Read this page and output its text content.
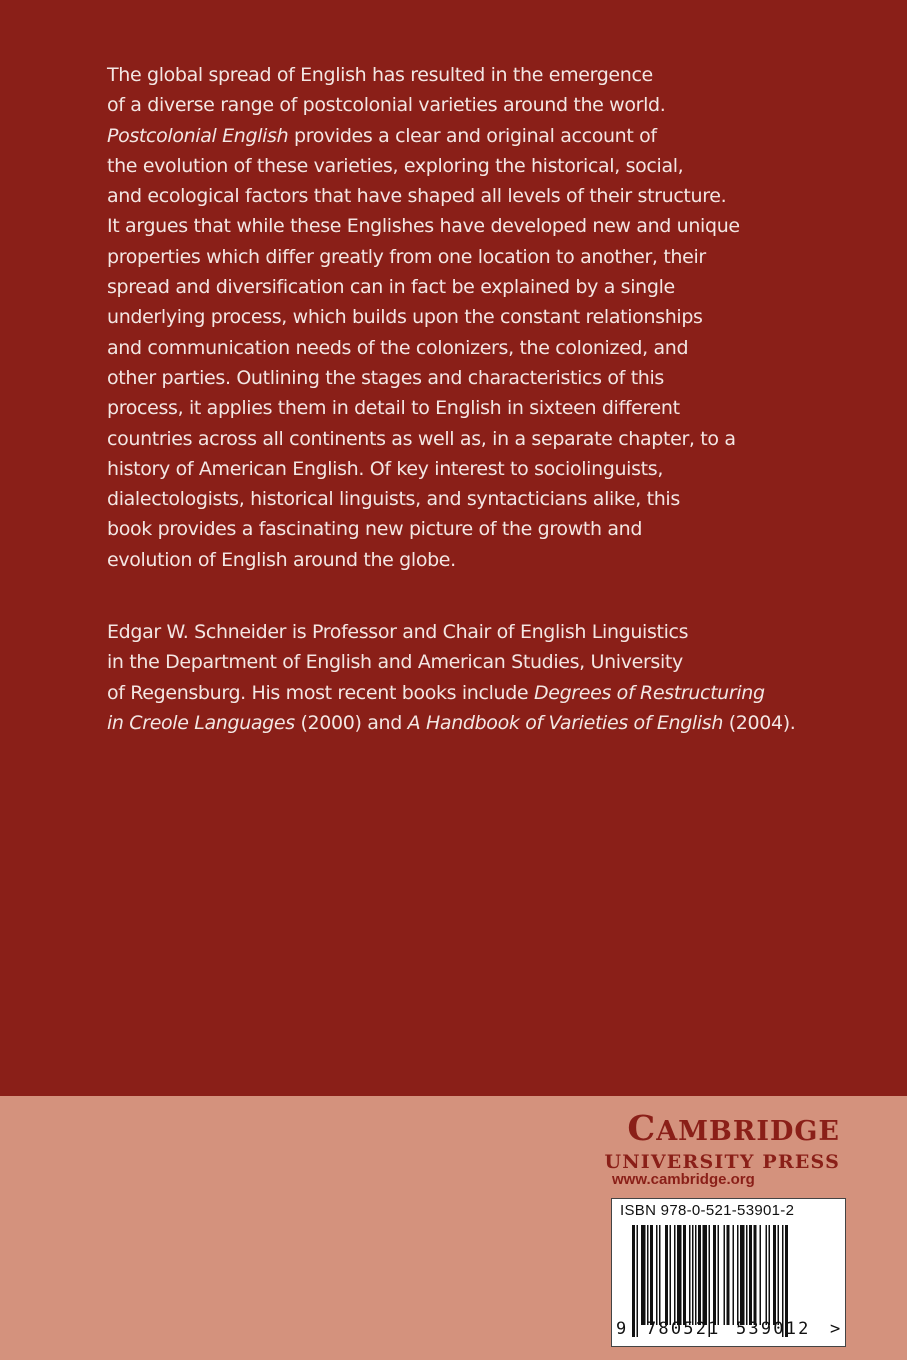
The global spread of English has resulted in the emergence
of a diverse range of postcolonial varieties around the world.
Postcolonial English provides a clear and original account of
the evolution of these varieties, exploring the historical, social,
and ecological factors that have shaped all levels of their structure.
It argues that while these Englishes have developed new and unique
properties which differ greatly from one location to another, their
spread and diversification can in fact be explained by a single
underlying process, which builds upon the constant relationships
and communication needs of the colonizers, the colonized, and
other parties. Outlining the stages and characteristics of this
process, it applies them in detail to English in sixteen different
countries across all continents as well as, in a separate chapter, to a
history of American English. Of key interest to sociolinguists,
dialectologists, historical linguists, and syntacticians alike, this
book provides a fascinating new picture of the growth and
evolution of English around the globe.
Edgar W. Schneider is Professor and Chair of English Linguistics
in the Department of English and American Studies, University
of Regensburg. His most recent books include Degrees of Restructuring
in Creole Languages (2000) and A Handbook of Varieties of English (2004).
CAMBRIDGE
UNIVERSITY PRESS
www.cambridge.org
ISBN 978-0-521-53901-2
9 780521 539012 >
